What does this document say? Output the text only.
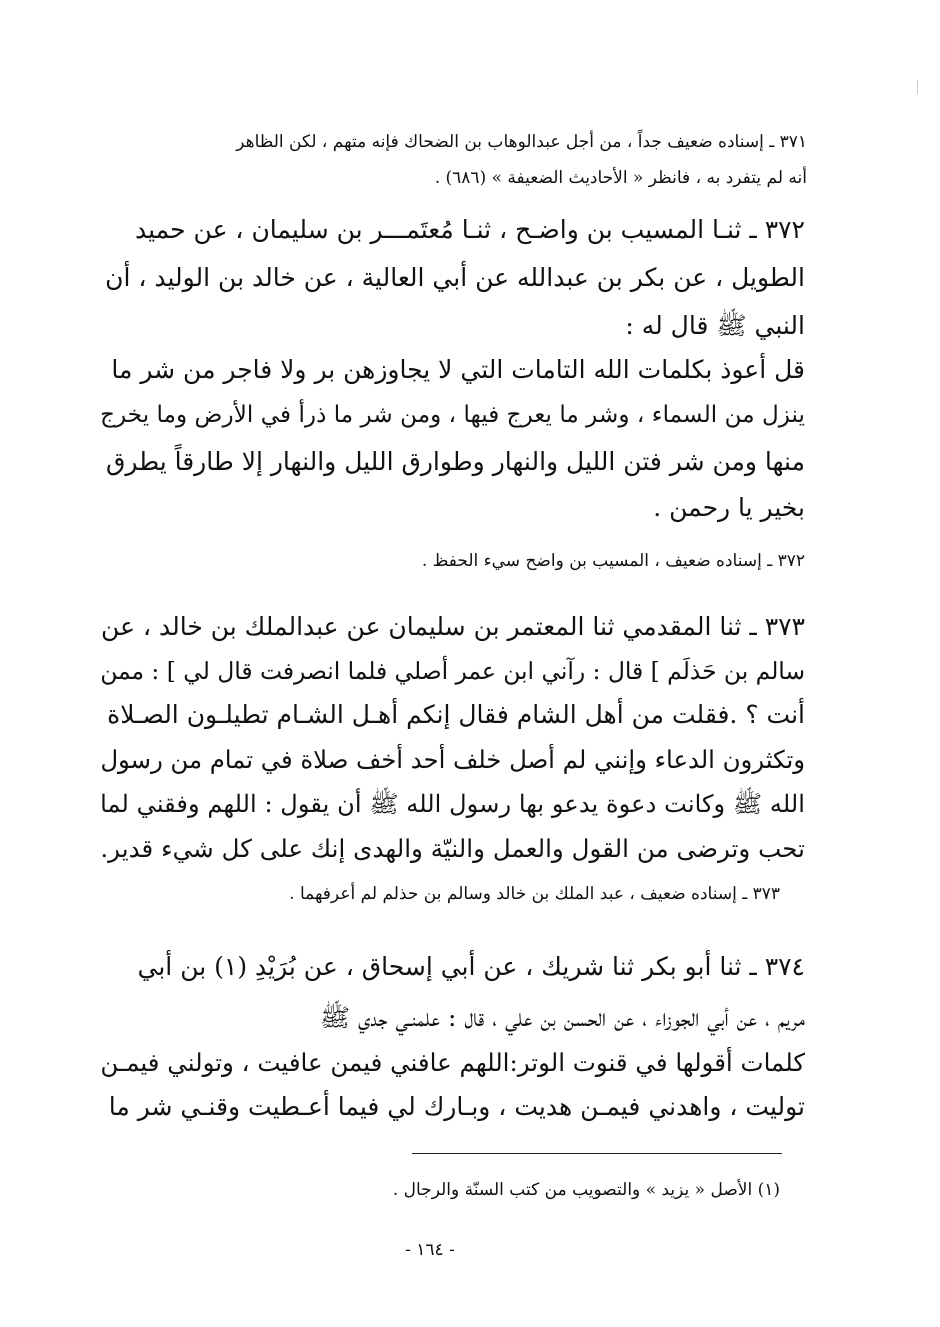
٣٧١ ـ إسناده ضعيف جداً ، من أجل عبدالوهاب بن الضحاك فإنه متهم ، لكن الظاهر
أنه لم يتفرد به ، فانظر « الأحاديث الضعيفة » (٦٨٦) .
٣٧٢ ـ ثنـا المسيب بن واضـح ، ثنـا مُعتَمـــر بن سليمان ، عن حميد
الطويل ، عن بكر بن عبدالله عن أبي العالية ، عن خالد بن الوليد ، أن
النبي ﷺ قال له :
قل أعوذ بكلمات الله التامات التي لا يجاوزهن بر ولا فاجر من شر ما
ينزل من السماء ، وشر ما يعرج فيها ، ومن شر ما ذرأ في الأرض وما يخرج
منها ومن شر فتن الليل والنهار وطوارق الليل والنهار إلا طارقاً يطرق
بخير يا رحمن .
٣٧٢ ـ إسناده ضعيف ، المسيب بن واضح سيء الحفظ .
٣٧٣ ـ ثنا المقدمي ثنا المعتمر بن سليمان عن عبدالملك بن خالد ، عن
سالم بن حَذلَم ] قال : رآني ابن عمر أصلي فلما انصرفت قال لي ] : ممن
أنت ؟ .فقلت من أهل الشام فقال إنكم أهـل الشـام تطيلـون الصـلاة
وتكثرون الدعاء وإنني لم أصل خلف أحد أخف صلاة في تمام من رسول
الله ﷺ وكانت دعوة يدعو بها رسول الله ﷺ أن يقول : اللهم وفقني لما
تحب وترضى من القول والعمل والنيّة والهدى إنك على كل شيء قدير.
٣٧٣ ـ إسناده ضعيف ، عبد الملك بن خالد وسالم بن حذلم لم أعرفهما .
٣٧٤ ـ ثنا أبو بكر ثنا شريك ، عن أبي إسحاق ، عن بُرَيْدِ (١) بن أبي
مريم ، عن أبي الجوزاء ، عن الحسن بن علي ، قال : علمنـي جدي ﷺ
كلمات أقولها في قنوت الوتر:اللهم عافني فيمن عافيت ، وتولني فيمـن
توليت ، واهدني فيمـن هديت ، وبـارك لي فيما أعـطيت وقنـي شر ما
(١) الأصل « يزيد » والتصويب من كتب السنّة والرجال .
- ١٦٤ -
